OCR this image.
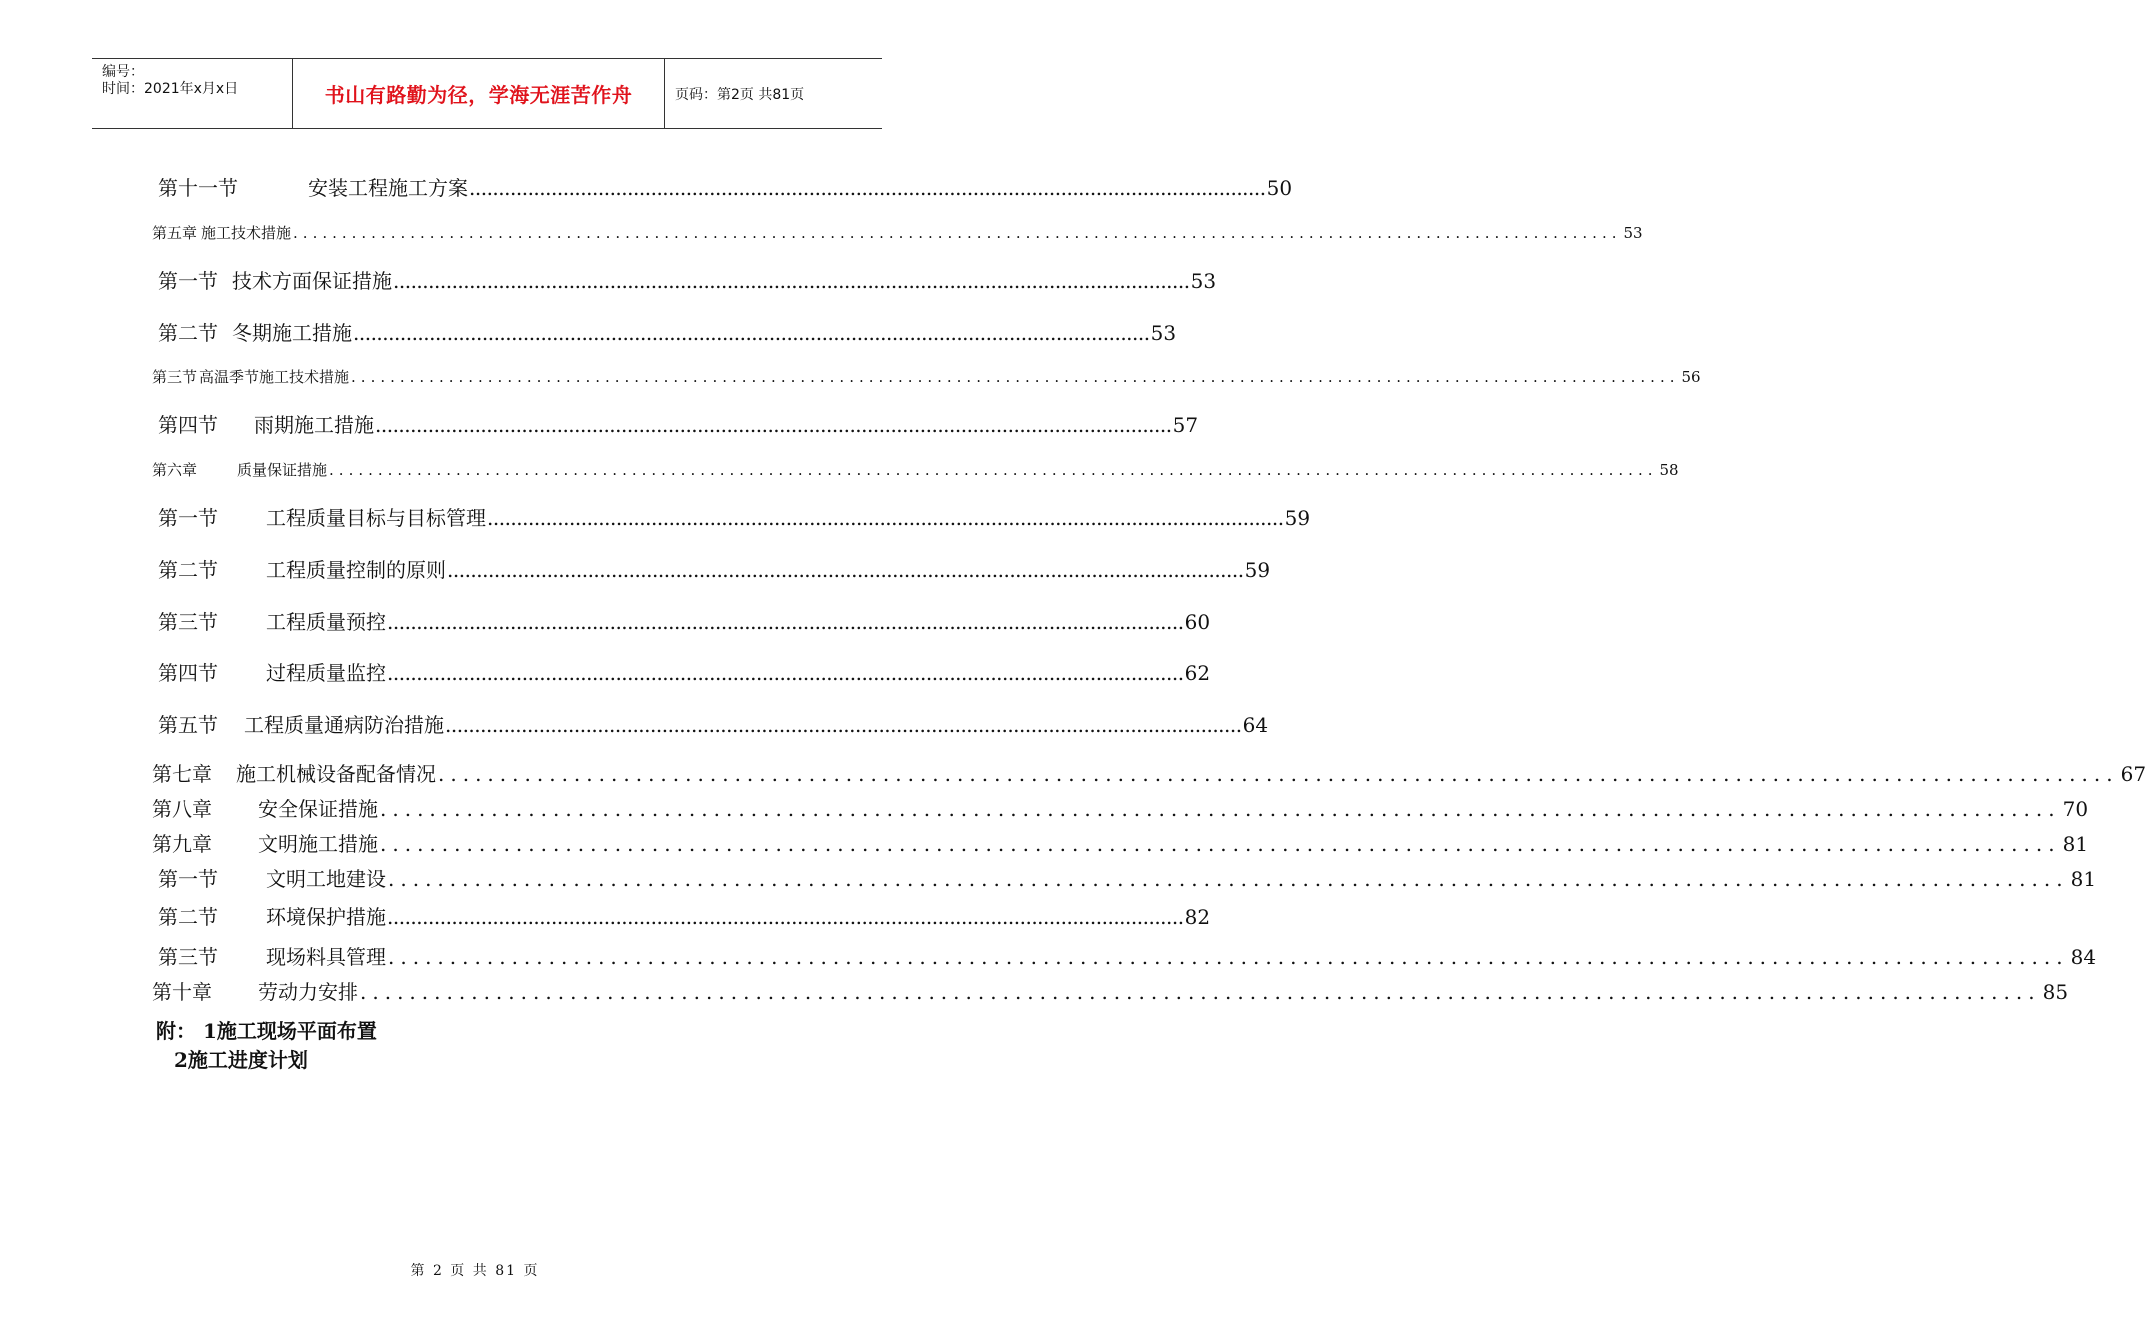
编号：
时间：2021年x月x日	书山有路勤为径，学海无涯苦作舟	页码：第2页 共81页
第十一节	安装工程施工方案 ........................................................................................................................................ 50
第五章 施工技术措施 ........................................................................................................................................ 53
第一节 技术方面保证措施 ........................................................................................................................................ 53
第二节 冬期施工措施 ........................................................................................................................................ 53
第三节 高温季节施工技术措施 ........................................................................................................................................ 56
第四节 雨期施工措施 ........................................................................................................................................ 57
第六章	质量保证措施 ........................................................................................................................................ 58
第一节 工程质量目标与目标管理 ........................................................................................................................................ 59
第二节 工程质量控制的原则 ........................................................................................................................................ 59
第三节 工程质量预控 ........................................................................................................................................ 60
第四节 过程质量监控 ........................................................................................................................................ 62
第五节 工程质量通病防治措施 ........................................................................................................................................ 64
第七章 施工机械设备配备情况 ........................................................................................................................................ 67
第八章 安全保证措施 ........................................................................................................................................ 70
第九章 文明施工措施 ........................................................................................................................................ 81
第一节 文明工地建设 ........................................................................................................................................ 81
第二节 环境保护措施 ........................................................................................................................................ 82
第三节 现场料具管理 ........................................................................................................................................ 84
第十章 劳动力安排 ........................................................................................................................................ 85
附： 1施工现场平面布置
2施工进度计划
第 2 页 共 81 页
